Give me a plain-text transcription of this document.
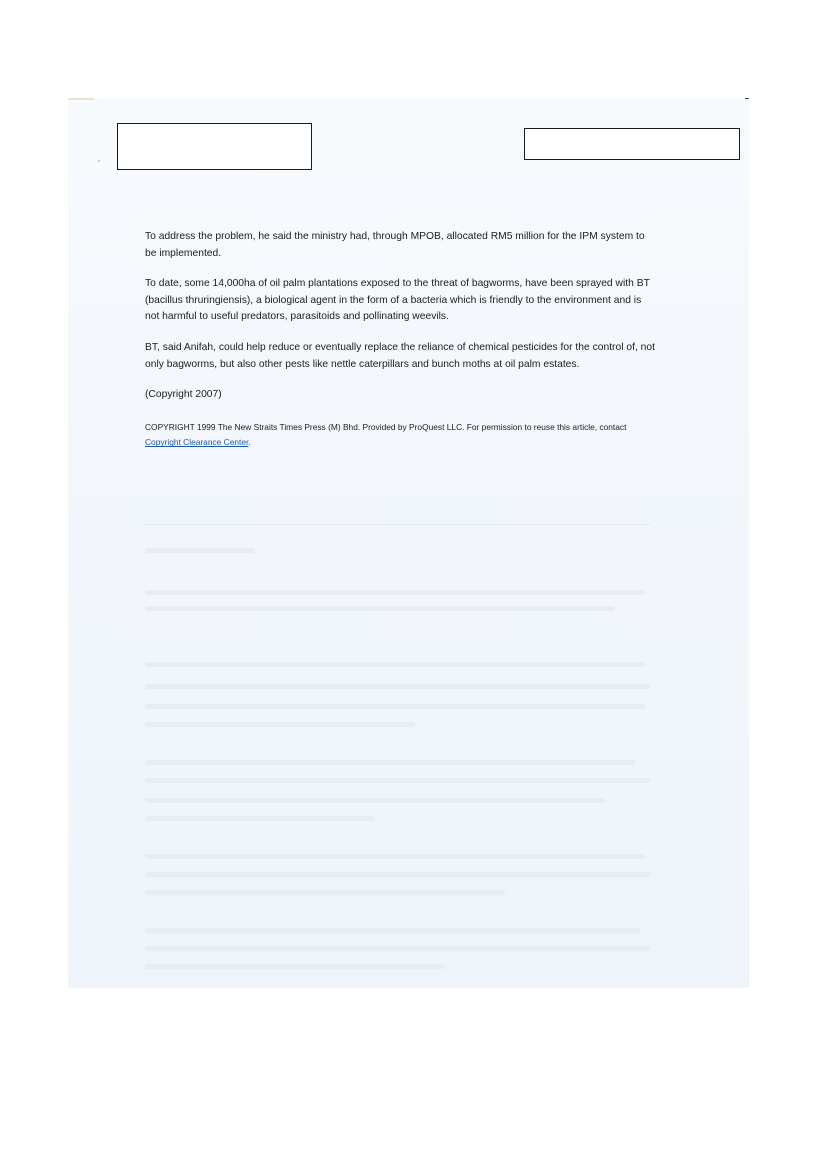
To address the problem, he said the ministry had, through MPOB, allocated RM5 million for the IPM system to be implemented.

To date, some 14,000ha of oil palm plantations exposed to the threat of bagworms, have been sprayed with BT (bacillus thruringiensis), a biological agent in the form of a bacteria which is friendly to the environment and is not harmful to useful predators, parasitoids and pollinating weevils.

BT, said Anifah, could help reduce or eventually replace the reliance of chemical pesticides for the control of, not only bagworms, but also other pests like nettle caterpillars and bunch moths at oil palm estates.

(Copyright 2007)

COPYRIGHT 1999 The New Straits Times Press (M) Bhd. Provided by ProQuest LLC. For permission to reuse this article, contact Copyright Clearance Center.
